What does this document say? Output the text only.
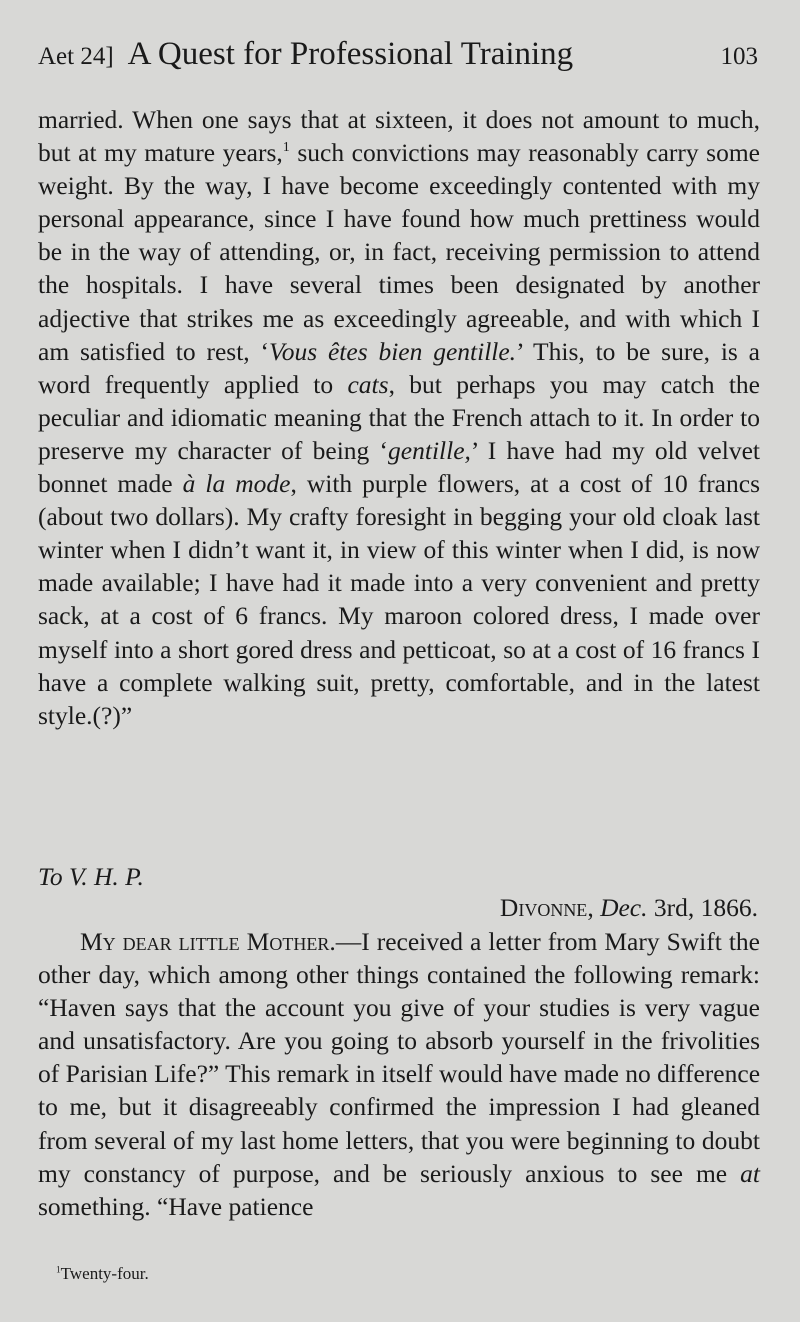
Aet 24] A Quest for Professional Training	103

married. When one says that at sixteen, it does not amount to much, but at my mature years,$^1$ such convictions may reasonably carry some weight. By the way, I have become exceedingly contented with my personal appearance, since I have found how much prettiness would be in the way of attending, or, in fact, receiving permission to attend the hospitals. I have several times been designated by another adjective that strikes me as exceedingly agreeable, and with which I am satisfied to rest, ‘Vous êtes bien gentille.’ This, to be sure, is a word frequently applied to cats, but perhaps you may catch the peculiar and idiomatic meaning that the French attach to it. In order to preserve my character of being ‘gentille,’ I have had my old velvet bonnet made à la mode, with purple flowers, at a cost of 10 francs (about two dollars). My crafty foresight in begging your old cloak last winter when I didn’t want it, in view of this winter when I did, is now made available; I have had it made into a very convenient and pretty sack, at a cost of 6 francs. My maroon colored dress, I made over myself into a short gored dress and petticoat, so at a cost of 16 francs I have a complete walking suit, pretty, comfortable, and in the latest style.(?)”

To V. H. P.
Divonne, Dec. 3rd, 1866.

My dear little Mother.—I received a letter from Mary Swift the other day, which among other things contained the following remark: “Haven says that the account you give of your studies is very vague and unsatisfactory. Are you going to absorb yourself in the frivolities of Parisian Life?” This remark in itself would have made no difference to me, but it disagreeably confirmed the impression I had gleaned from several of my last home letters, that you were beginning to doubt my constancy of purpose, and be seriously anxious to see me at something. “Have patience

$^1$Twenty-four.
